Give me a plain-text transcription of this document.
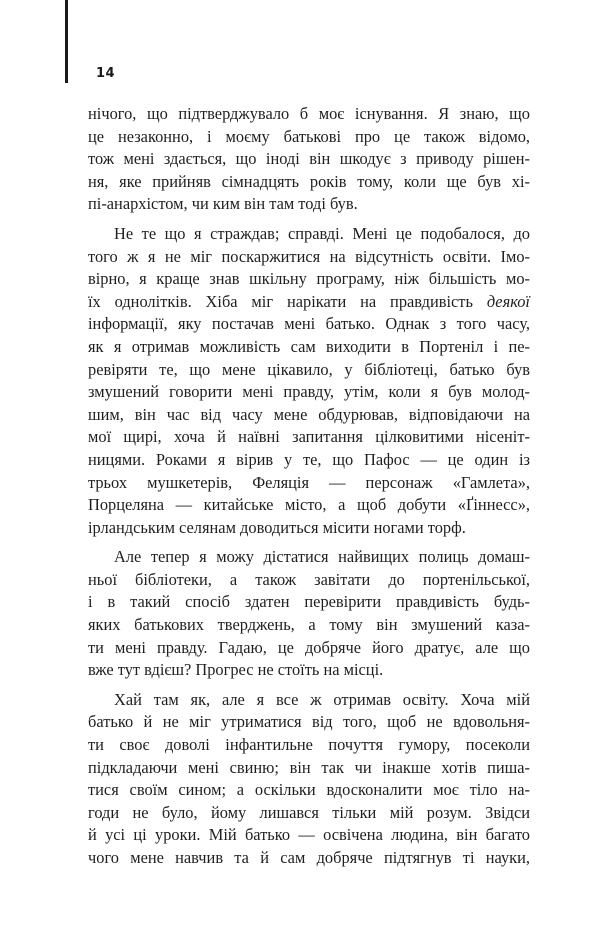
14

нічого, що підтверджувало б моє існування. Я знаю, що
це незаконно, і моєму батькові про це також відомо,
тож мені здається, що іноді він шкодує з приводу рішен-
ня, яке прийняв сімнадцять років тому, коли ще був хі-
пі-анархістом, чи ким він там тоді був.

Не те що я страждав; справді. Мені це подобалося, до
того ж я не міг поскаржитися на відсутність освіти. Імо-
вірно, я краще знав шкільну програму, ніж більшість мо-
їх однолітків. Хіба міг нарікати на правдивість деякої
інформації, яку постачав мені батько. Однак з того часу,
як я отримав можливість сам виходити в Портеніл і пе-
ревіряти те, що мене цікавило, у бібліотеці, батько був
змушений говорити мені правду, утім, коли я був молод-
шим, він час від часу мене обдурював, відповідаючи на
мої щирі, хоча й наївні запитання цілковитими нісеніт-
ницями. Роками я вірив у те, що Пафос — це один із
трьох мушкетерів, Феляція — персонаж «Гамлета»,
Порцеляна — китайське місто, а щоб добути «Ґіннесс»,
ірландським селянам доводиться місити ногами торф.

Але тепер я можу дістатися найвищих полиць домаш-
ньої бібліотеки, а також завітати до портенільської,
і в такий спосіб здатен перевірити правдивість будь-
яких батькових тверджень, а тому він змушений каза-
ти мені правду. Гадаю, це добряче його дратує, але що
вже тут вдієш? Прогрес не стоїть на місці.

Хай там як, але я все ж отримав освіту. Хоча мій
батько й не міг утриматися від того, щоб не вдовольня-
ти своє доволі інфантильне почуття гумору, посеколи
підкладаючи мені свиню; він так чи інакше хотів пиша-
тися своїм сином; а оскільки вдосконалити моє тіло на-
годи не було, йому лишався тільки мій розум. Звідси
й усі ці уроки. Мій батько — освічена людина, він багато
чого мене навчив та й сам добряче підтягнув ті науки,
